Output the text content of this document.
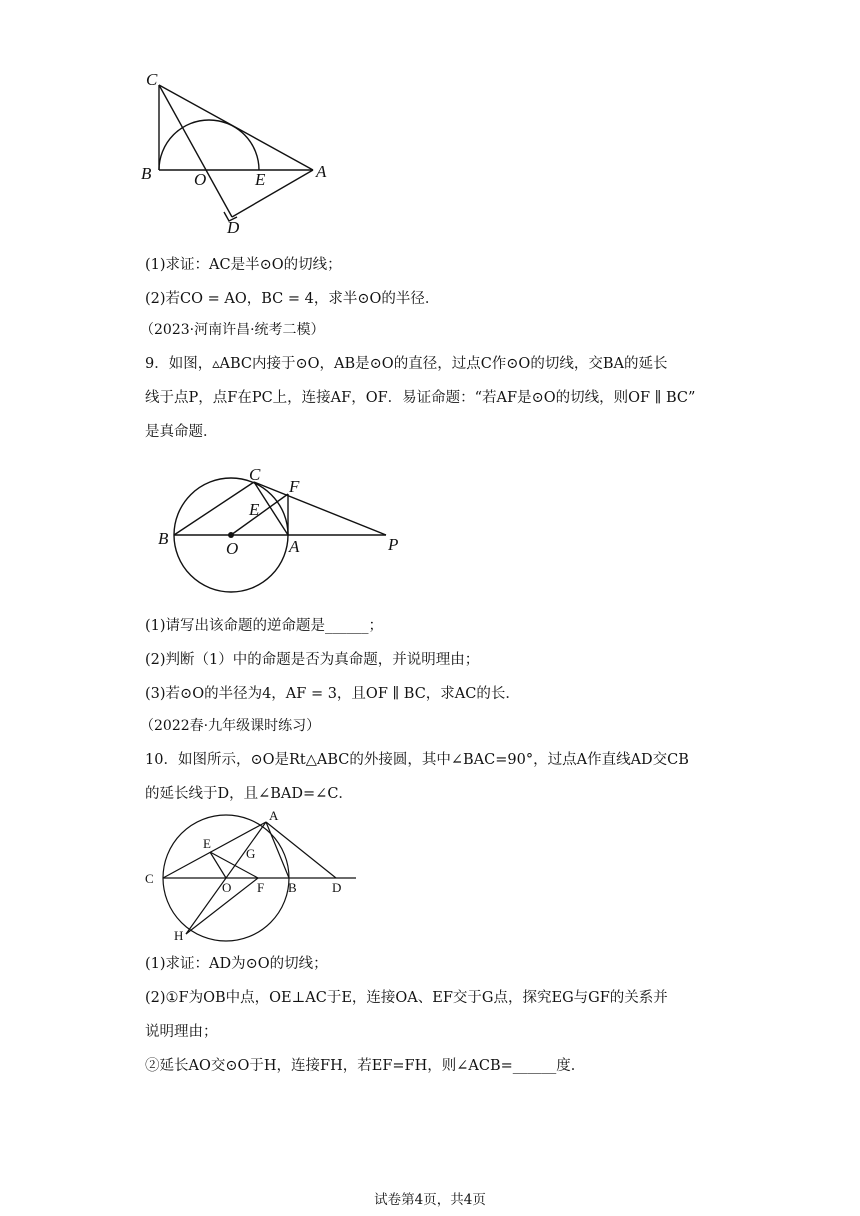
C
B	O	E	A
D
(1)求证：AC是半⊙O的切线；
(2)若CO = AO，BC = 4，求半⊙O的半径．
（2023·河南许昌·统考二模）
9．如图，▵ABC内接于⊙O，AB是⊙O的直径，过点C作⊙O的切线，交BA的延长
线于点P，点F在PC上，连接AF，OF．易证命题：“若AF是⊙O的切线，则OF ∥ BC”
是真命题．
C
F
E
B
O	A	P
(1)请写出该命题的逆命题是______；
(2)判断（1）中的命题是否为真命题，并说明理由；
(3)若⊙O的半径为4，AF = 3，且OF ∥ BC，求AC的长．
（2022春·九年级课时练习）
10．如图所示，⊙O是Rt△ABC的外接圆，其中∠BAC=90°，过点A作直线AD交CB
的延长线于D，且∠BAD=∠C．
A
E
G
C
O F B	D
H
(1)求证：AD为⊙O的切线；
(2)①F为OB中点，OE⊥AC于E，连接OA、EF交于G点，探究EG与GF的关系并
说明理由；
②延长AO交⊙O于H，连接FH，若EF=FH，则∠ACB=______度．
试卷第4页，共4页
